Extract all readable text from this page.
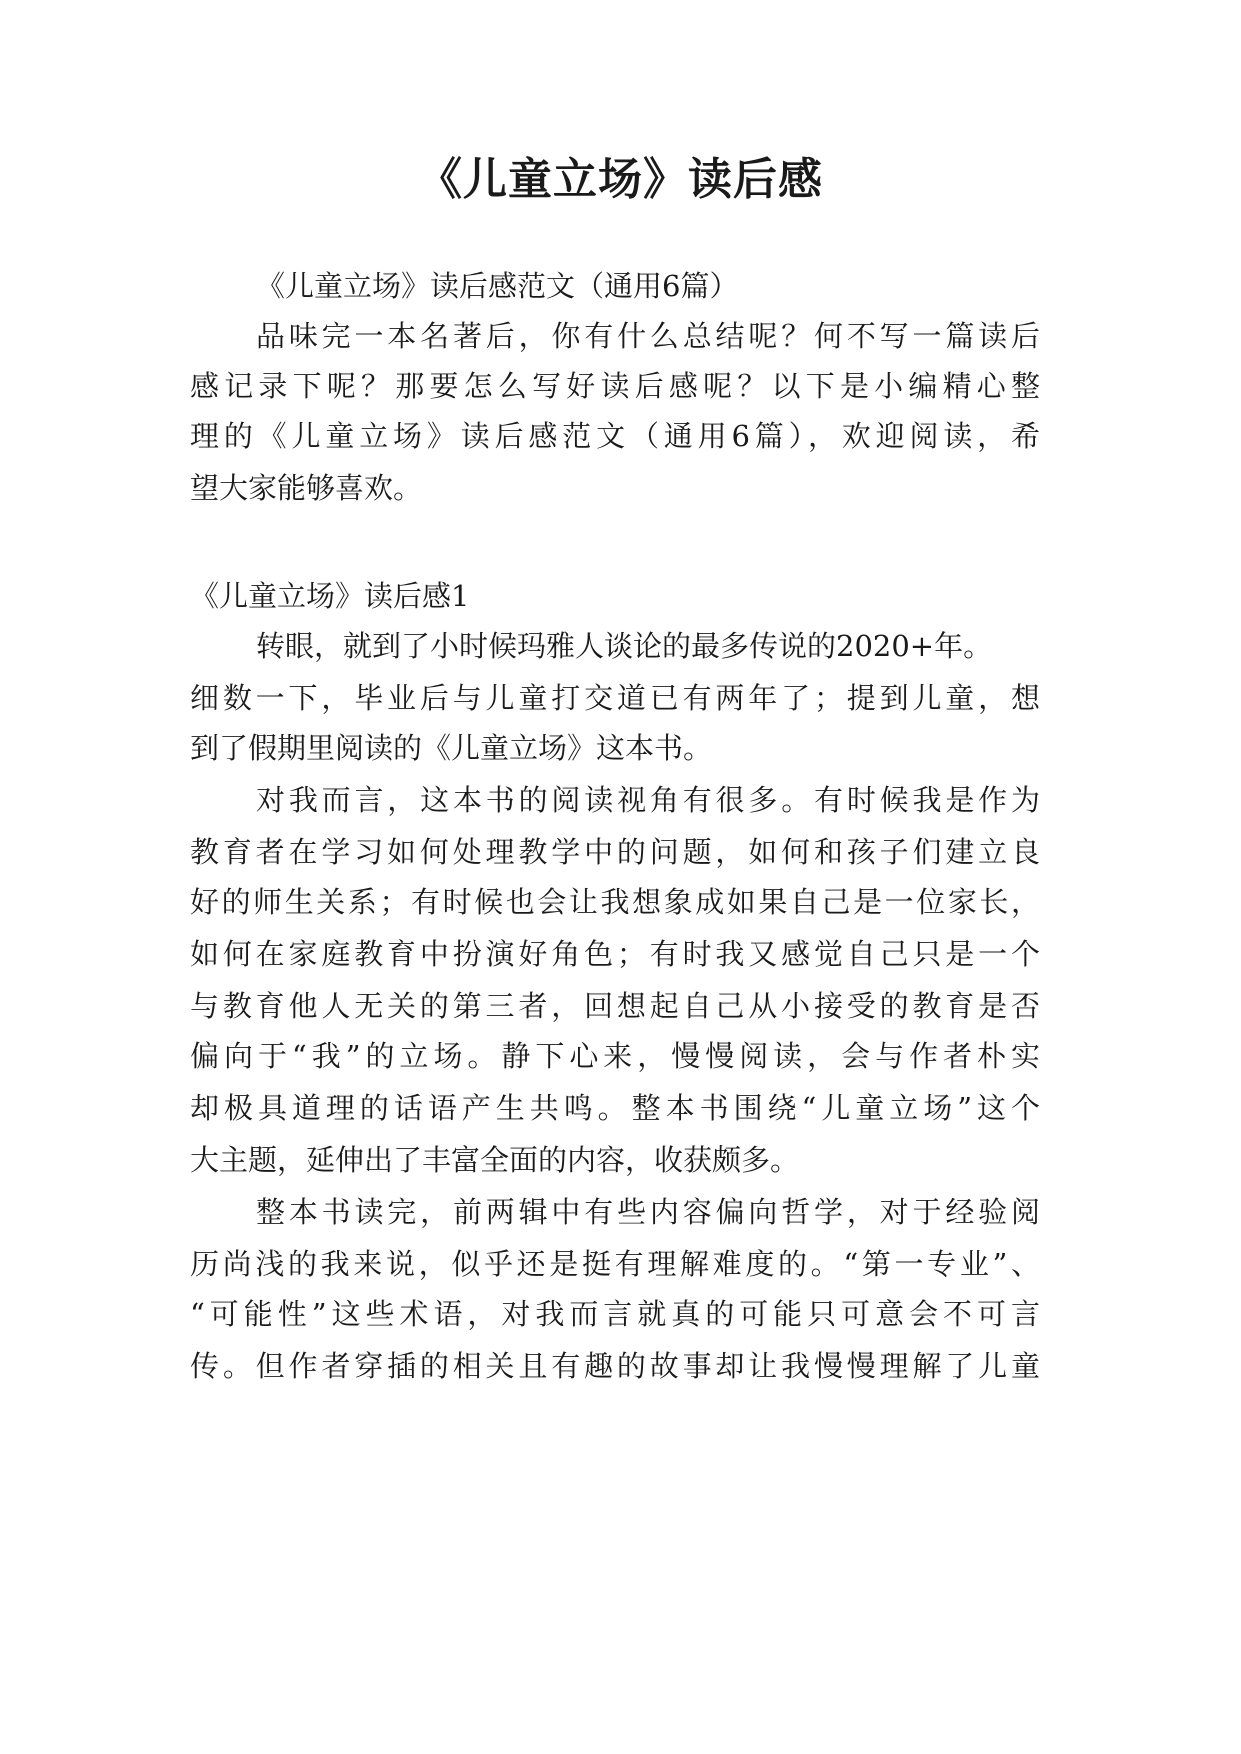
《儿童立场》读后感

《儿童立场》读后感范文（通用6篇）

品味完一本名著后，你有什么总结呢？何不写一篇读后

感记录下呢？那要怎么写好读后感呢？以下是小编精心整

理的《儿童立场》读后感范文（通用6篇），欢迎阅读，希

望大家能够喜欢。

《儿童立场》读后感1

转眼，就到了小时候玛雅人谈论的最多传说的2020+年。

细数一下，毕业后与儿童打交道已有两年了；提到儿童，想

到了假期里阅读的《儿童立场》这本书。

对我而言，这本书的阅读视角有很多。有时候我是作为

教育者在学习如何处理教学中的问题，如何和孩子们建立良

好的师生关系；有时候也会让我想象成如果自己是一位家长，

如何在家庭教育中扮演好角色；有时我又感觉自己只是一个

与教育他人无关的第三者，回想起自己从小接受的教育是否

偏向于“我”的立场。静下心来，慢慢阅读，会与作者朴实

却极具道理的话语产生共鸣。整本书围绕“儿童立场”这个

大主题，延伸出了丰富全面的内容，收获颇多。

整本书读完，前两辑中有些内容偏向哲学，对于经验阅

历尚浅的我来说，似乎还是挺有理解难度的。“第一专业”、

“可能性”这些术语，对我而言就真的可能只可意会不可言

传。但作者穿插的相关且有趣的故事却让我慢慢理解了儿童
